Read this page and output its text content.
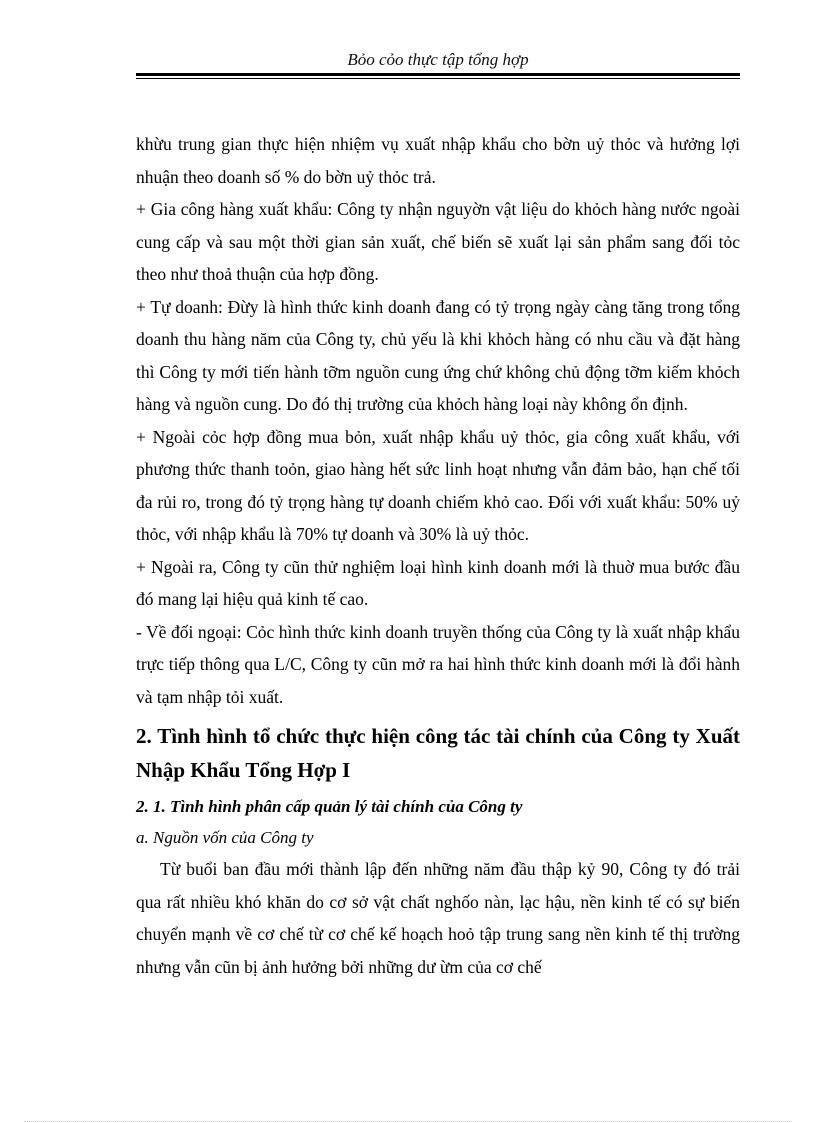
Bỏo cỏo thực tập tổng hợp

khừu trung gian thực hiện nhiệm vụ xuất nhập khẩu cho bờn uỷ thỏc và hưởng lợi nhuận theo doanh số % do bờn uỷ thỏc trả.

+ Gia công hàng xuất khẩu: Công ty nhận nguyờn vật liệu do khỏch hàng nước ngoài cung cấp và sau một thời gian sản xuất, chế biến sẽ xuất lại sản phẩm sang đối tỏc theo như thoả thuận của hợp đồng.

+ Tự doanh: Đừy là hình thức kinh doanh đang có tỷ trọng ngày càng tăng trong tổng doanh thu hàng năm của Công ty, chủ yếu là khi khỏch hàng có nhu cầu và đặt hàng thì Công ty mới tiến hành tỡm nguồn cung ứng chứ không chủ động tỡm kiếm khỏch hàng và nguồn cung. Do đó thị trường của khỏch hàng loại này không ổn định.

+ Ngoài cỏc hợp đồng mua bỏn, xuất nhập khẩu uỷ thỏc, gia công xuất khẩu, với phương thức thanh toỏn, giao hàng hết sức linh hoạt nhưng vẫn đảm bảo, hạn chế tối đa rủi ro, trong đó tỷ trọng hàng tự doanh chiếm khỏ cao. Đối với xuất khẩu: 50% uỷ thỏc, với nhập khẩu là 70% tự doanh và 30% là uỷ thỏc.

+ Ngoài ra, Công ty cũn thử nghiệm loại hình kinh doanh mới là thuờ mua bước đầu đó mang lại hiệu quả kinh tế cao.

- Về đối ngoại: Cỏc hình thức kinh doanh truyền thống của Công ty là xuất nhập khẩu trực tiếp thông qua L/C, Công ty cũn mở ra hai hình thức kinh doanh mới là đổi hành và tạm nhập tỏi xuất.

2. Tình hình tổ chức thực hiện công tác tài chính của Công ty Xuất Nhập Khẩu Tổng Hợp I
2. 1. Tình hình phân cấp quản lý tài chính của Công ty
a. Nguồn vốn của Công ty

Từ buổi ban đầu mới thành lập đến những năm đầu thập kỷ 90, Công ty đó trải qua rất nhiều khó khăn do cơ sở vật chất nghốo nàn, lạc hậu, nền kinh tế có sự biến chuyển mạnh về cơ chế từ cơ chế kế hoạch hoỏ tập trung sang nền kinh tế thị trường nhưng vẫn cũn bị ảnh hưởng bởi những dư ừm của cơ chế
